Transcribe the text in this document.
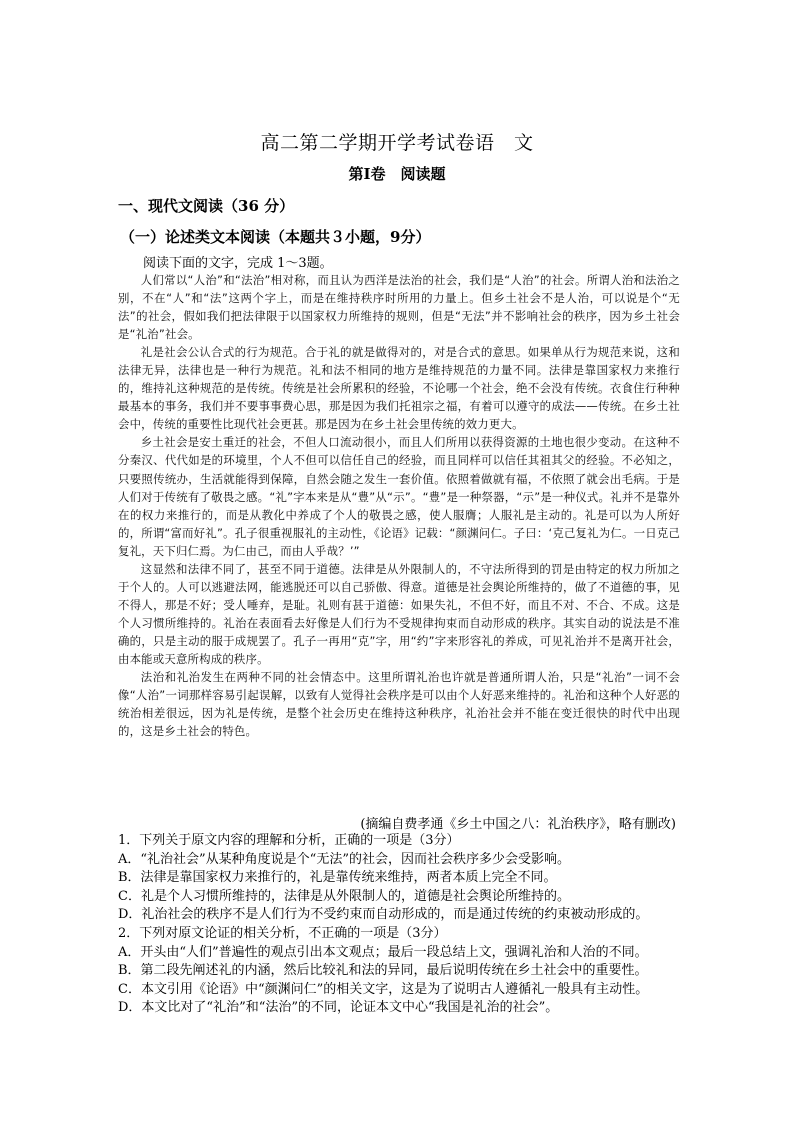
高二第二学期开学考试卷语　文
第Ⅰ卷　阅读题
一、现代文阅读（36 分）
（一）论述类文本阅读（本题共３小题，9分）
阅读下面的文字，完成 1～3题。

人们常以“人治”和“法治”相对称，而且认为西洋是法治的社会，我们是“人治”的社会。所谓人治和法治之别，不在“人”和“法”这两个字上，而是在维持秩序时所用的力量上。但乡土社会不是人治，可以说是个“无法”的社会，假如我们把法律限于以国家权力所维持的规则，但是“无法”并不影响社会的秩序，因为乡土社会是“礼治”社会。

礼是社会公认合式的行为规范。合于礼的就是做得对的，对是合式的意思。如果单从行为规范来说，这和法律无异，法律也是一种行为规范。礼和法不相同的地方是维持规范的力量不同。法律是靠国家权力来推行的，维持礼这种规范的是传统。传统是社会所累积的经验，不论哪一个社会，绝不会没有传统。衣食住行种种最基本的事务，我们并不要事事费心思，那是因为我们托祖宗之福，有着可以遵守的成法——传统。在乡土社会中，传统的重要性比现代社会更甚。那是因为在乡土社会里传统的效力更大。

乡土社会是安土重迁的社会，不但人口流动很小，而且人们所用以获得资源的土地也很少变动。在这种不分秦汉、代代如是的环境里，个人不但可以信任自己的经验，而且同样可以信任其祖其父的经验。不必知之，只要照传统办，生活就能得到保障，自然会随之发生一套价值。依照着做就有福，不依照了就会出毛病。于是人们对于传统有了敬畏之感。“礼”字本来是从“豊”从“示”。“豊”是一种祭器，“示”是一种仪式。礼并不是靠外在的权力来推行的，而是从教化中养成了个人的敬畏之感，使人服膺；人服礼是主动的。礼是可以为人所好的，所谓“富而好礼”。孔子很重视服礼的主动性，《论语》记载：“颜渊问仁。子曰：‘克己复礼为仁。一日克己复礼，天下归仁焉。为仁由己，而由人乎哉？’”

这显然和法律不同了，甚至不同于道德。法律是从外限制人的，不守法所得到的罚是由特定的权力所加之于个人的。人可以逃避法网，能逃脱还可以自己骄傲、得意。道德是社会舆论所维持的，做了不道德的事，见不得人，那是不好；受人唾弃，是耻。礼则有甚于道德：如果失礼，不但不好，而且不对、不合、不成。这是个人习惯所维持的。礼治在表面看去好像是人们行为不受规律拘束而自动形成的秩序。其实自动的说法是不准确的，只是主动的服于成规罢了。孔子一再用“克”字，用“约”字来形容礼的养成，可见礼治并不是离开社会，由本能或天意所构成的秩序。

法治和礼治发生在两种不同的社会情态中。这里所谓礼治也许就是普通所谓人治，只是“礼治”一词不会像“人治”一词那样容易引起误解，以致有人觉得社会秩序是可以由个人好恶来维持的。礼治和这种个人好恶的统治相差很远，因为礼是传统，是整个社会历史在维持这种秩序，礼治社会并不能在变迁很快的时代中出现的，这是乡土社会的特色。

(摘编自费孝通《乡土中国之八：礼治秩序》，略有删改)
1．下列关于原文内容的理解和分析，正确的一项是（3分）
A．“礼治社会”从某种角度说是个“无法”的社会，因而社会秩序多少会受影响。
B．法律是靠国家权力来推行的，礼是靠传统来维持，两者本质上完全不同。
C．礼是个人习惯所维持的，法律是从外限制人的，道德是社会舆论所维持的。
D．礼治社会的秩序不是人们行为不受约束而自动形成的，而是通过传统的约束被动形成的。
2．下列对原文论证的相关分析，不正确的一项是（3分）
A．开头由“人们”普遍性的观点引出本文观点；最后一段总结上文，强调礼治和人治的不同。
B．第二段先阐述礼的内涵，然后比较礼和法的异同，最后说明传统在乡土社会中的重要性。
C．本文引用《论语》中“颜渊问仁”的相关文字，这是为了说明古人遵循礼一般具有主动性。
D．本文比对了“礼治”和“法治”的不同，论证本文中心“我国是礼治的社会”。
